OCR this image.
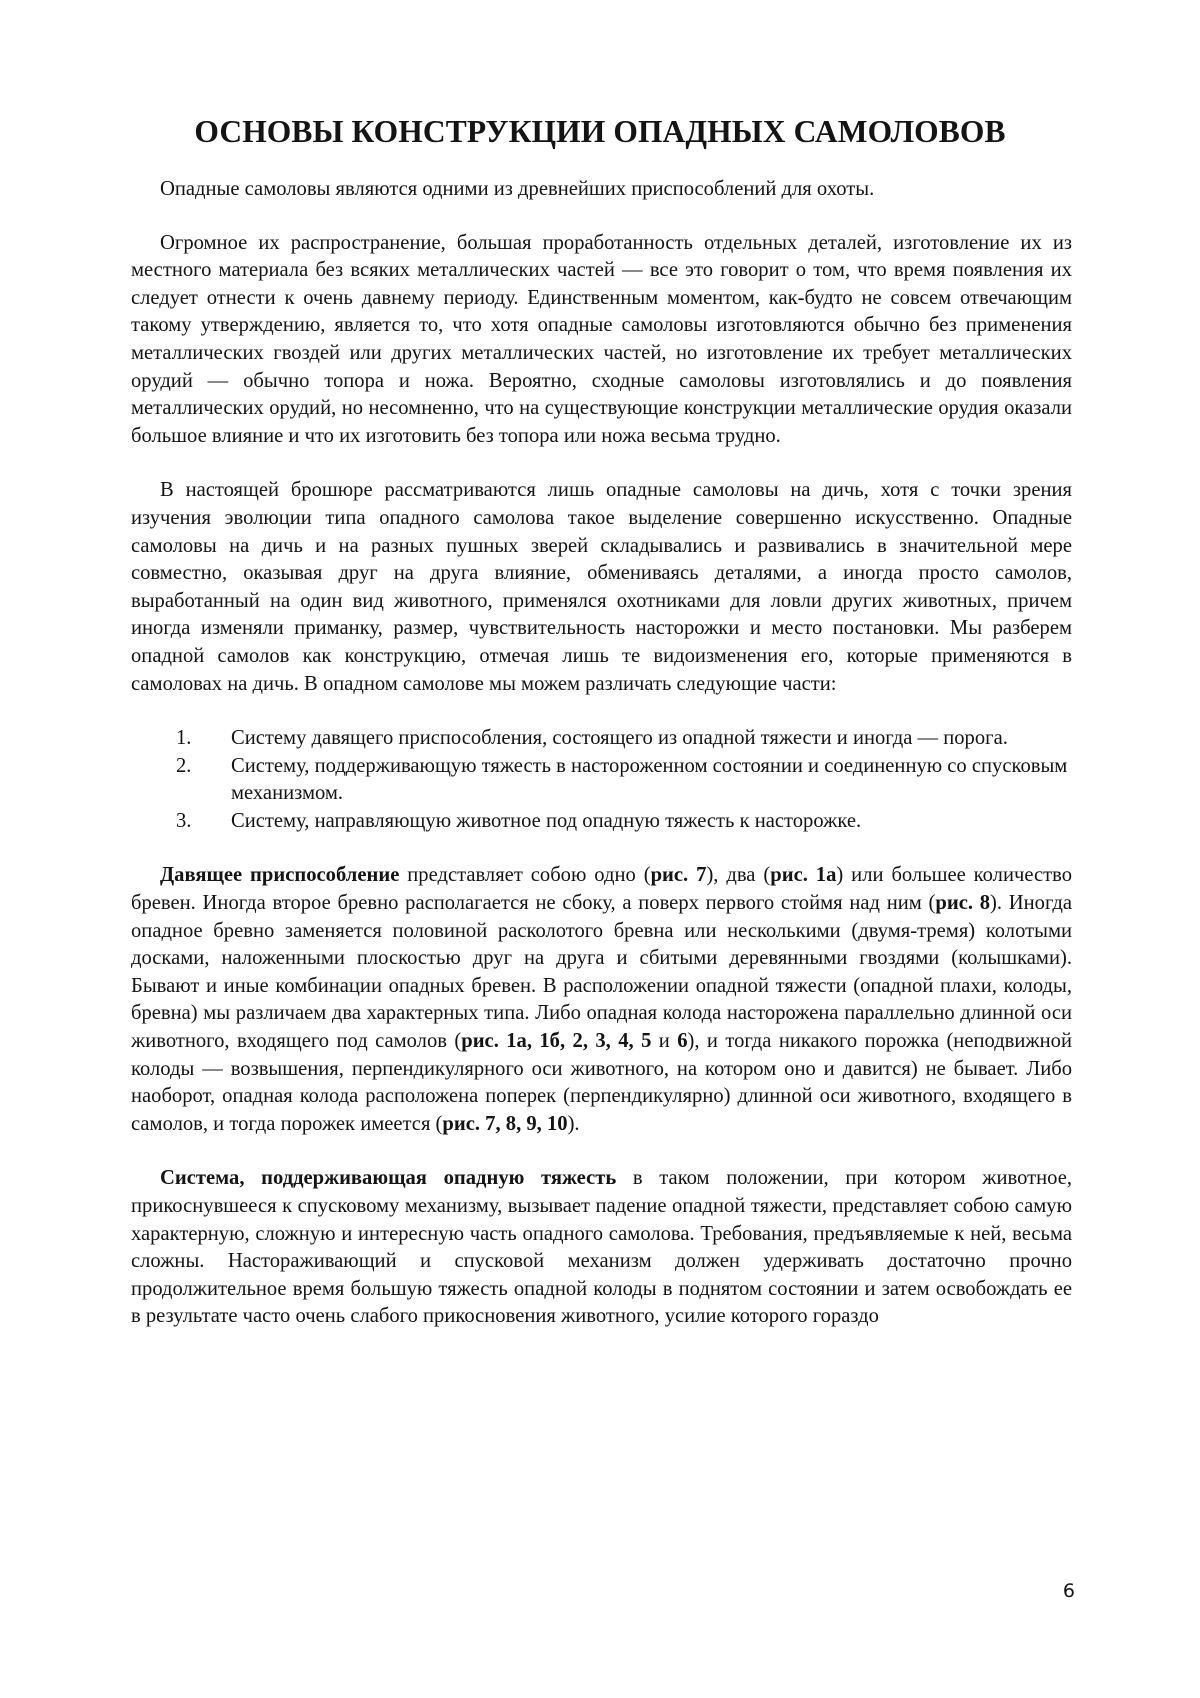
ОСНОВЫ КОНСТРУКЦИИ ОПАДНЫХ САМОЛОВОВ

Опадные самоловы являются одними из древнейших приспособлений для охоты.

Огромное их распространение, большая проработанность отдельных деталей, изготовление их из местного материала без всяких металлических частей — все это говорит о том, что время появления их следует отнести к очень давнему периоду. Единственным моментом, как-будто не совсем отвечающим такому утверждению, является то, что хотя опадные самоловы изготовляются обычно без применения металлических гвоздей или других металлических частей, но изготовление их требует металлических орудий — обычно топора и ножа. Вероятно, сходные самоловы изготовлялись и до появления металлических орудий, но несомненно, что на существующие конструкции металлические орудия оказали большое влияние и что их изготовить без топора или ножа весьма трудно.

В настоящей брошюре рассматриваются лишь опадные самоловы на дичь, хотя с точки зрения изучения эволюции типа опадного самолова такое выделение совершенно искусственно. Опадные самоловы на дичь и на разных пушных зверей складывались и развивались в значительной мере совместно, оказывая друг на друга влияние, обмениваясь деталями, а иногда просто самолов, выработанный на один вид животного, применялся охотниками для ловли других животных, причем иногда изменяли приманку, размер, чувствительность насторожки и место постановки. Мы разберем опадной самолов как конструкцию, отмечая лишь те видоизменения его, которые применяются в самоловах на дичь. В опадном самолове мы можем различать следующие части:

1. Систему давящего приспособления, состоящего из опадной тяжести и иногда — порога.
2. Систему, поддерживающую тяжесть в настороженном состоянии и соединенную со спусковым механизмом.
3. Систему, направляющую животное под опадную тяжесть к насторожке.

Давящее приспособление представляет собою одно (рис. 7), два (рис. 1а) или большее количество бревен. Иногда второе бревно располагается не сбоку, а поверх первого стоймя над ним (рис. 8). Иногда опадное бревно заменяется половиной расколотого бревна или несколькими (двумя-тремя) колотыми досками, наложенными плоскостью друг на друга и сбитыми деревянными гвоздями (колышками). Бывают и иные комбинации опадных бревен. В расположении опадной тяжести (опадной плахи, колоды, бревна) мы различаем два характерных типа. Либо опадная колода насторожена параллельно длинной оси животного, входящего под самолов (рис. 1а, 1б, 2, 3, 4, 5 и 6), и тогда никакого порожка (неподвижной колоды — возвышения, перпендикулярного оси животного, на котором оно и давится) не бывает. Либо наоборот, опадная колода расположена поперек (перпендикулярно) длинной оси животного, входящего в самолов, и тогда порожек имеется (рис. 7, 8, 9, 10).

Система, поддерживающая опадную тяжесть в таком положении, при котором животное, прикоснувшееся к спусковому механизму, вызывает падение опадной тяжести, представляет собою самую характерную, сложную и интересную часть опадного самолова. Требования, предъявляемые к ней, весьма сложны. Настораживающий и спусковой механизм должен удерживать достаточно прочно продолжительное время большую тяжесть опадной колоды в поднятом состоянии и затем освобождать ее в результате часто очень слабого прикосновения животного, усилие которого гораздо

6
